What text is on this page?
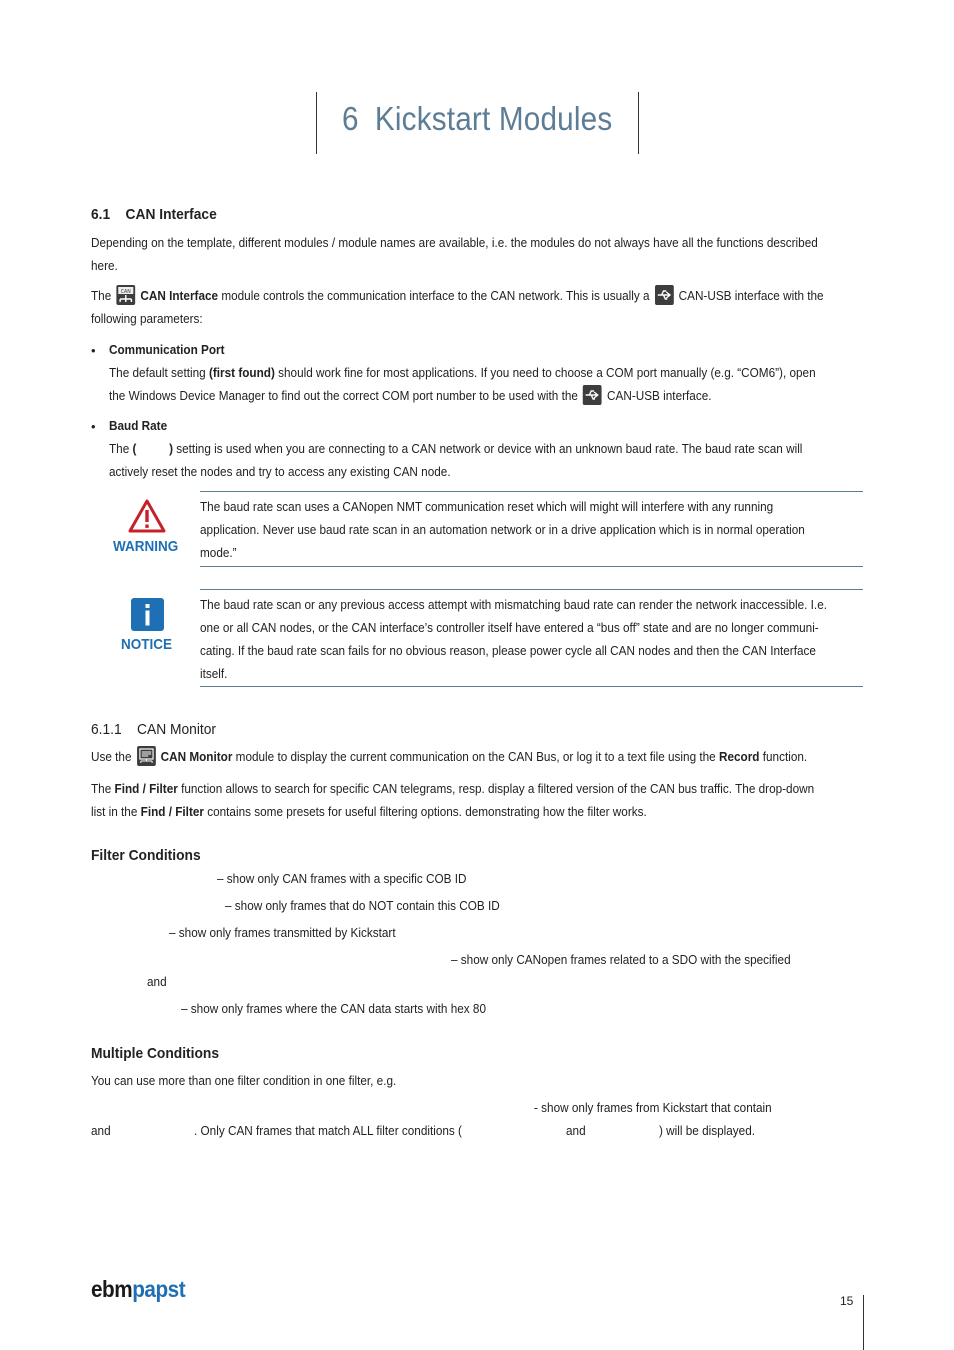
6 Kickstart Modules
6.1 CAN Interface
Depending on the template, different modules / module names are available, i.e. the modules do not always have all the functions described
here.
The CAN CAN Interface module controls the communication interface to the CAN network. This is usually a
CAN-USB interface with the
following parameters:
• Communication Port
The default setting (first found) should work fine for most applications. If you need to choose a COM port manually (e.g. “COM6”), open
the Windows Device Manager to find out the correct COM port number to be used with the
CAN-USB interface.
• Baud Rate
The (          ) setting is used when you are connecting to a CAN network or device with an unknown baud rate. The baud rate scan will
actively reset the nodes and try to access any existing CAN node.
WARNING
The baud rate scan uses a CANopen NMT communication reset which will might will interfere with any running
application. Never use baud rate scan in an automation network or in a drive application which is in normal operation
mode.”
NOTICE
The baud rate scan or any previous access attempt with mismatching baud rate can render the network inaccessible. I.e.
one or all CAN nodes, or the CAN interface’s controller itself have entered a “bus off” state and are no longer communi-
cating. If the baud rate scan fails for no obvious reason, please power cycle all CAN nodes and then the CAN Interface
itself.
6.1.1 CAN Monitor
Use the
CAN Monitor module to display the current communication on the CAN Bus, or log it to a text file using the Record function.
The Find / Filter function allows to search for specific CAN telegrams, resp. display a filtered version of the CAN bus traffic. The drop-down
list in the Find / Filter contains some presets for useful filtering options. demonstrating how the filter works.
Filter Conditions
– show only CAN frames with a specific COB ID
– show only frames that do NOT contain this COB ID
– show only frames transmitted by Kickstart
– show only CANopen frames related to a SDO with the specified
and
– show only frames where the CAN data starts with hex 80
Multiple Conditions
You can use more than one filter condition in one filter, e.g.
- show only frames from Kickstart that contain
and	. Only CAN frames that match ALL filter conditions (	and	) will be displayed.
ebmpapst	15
